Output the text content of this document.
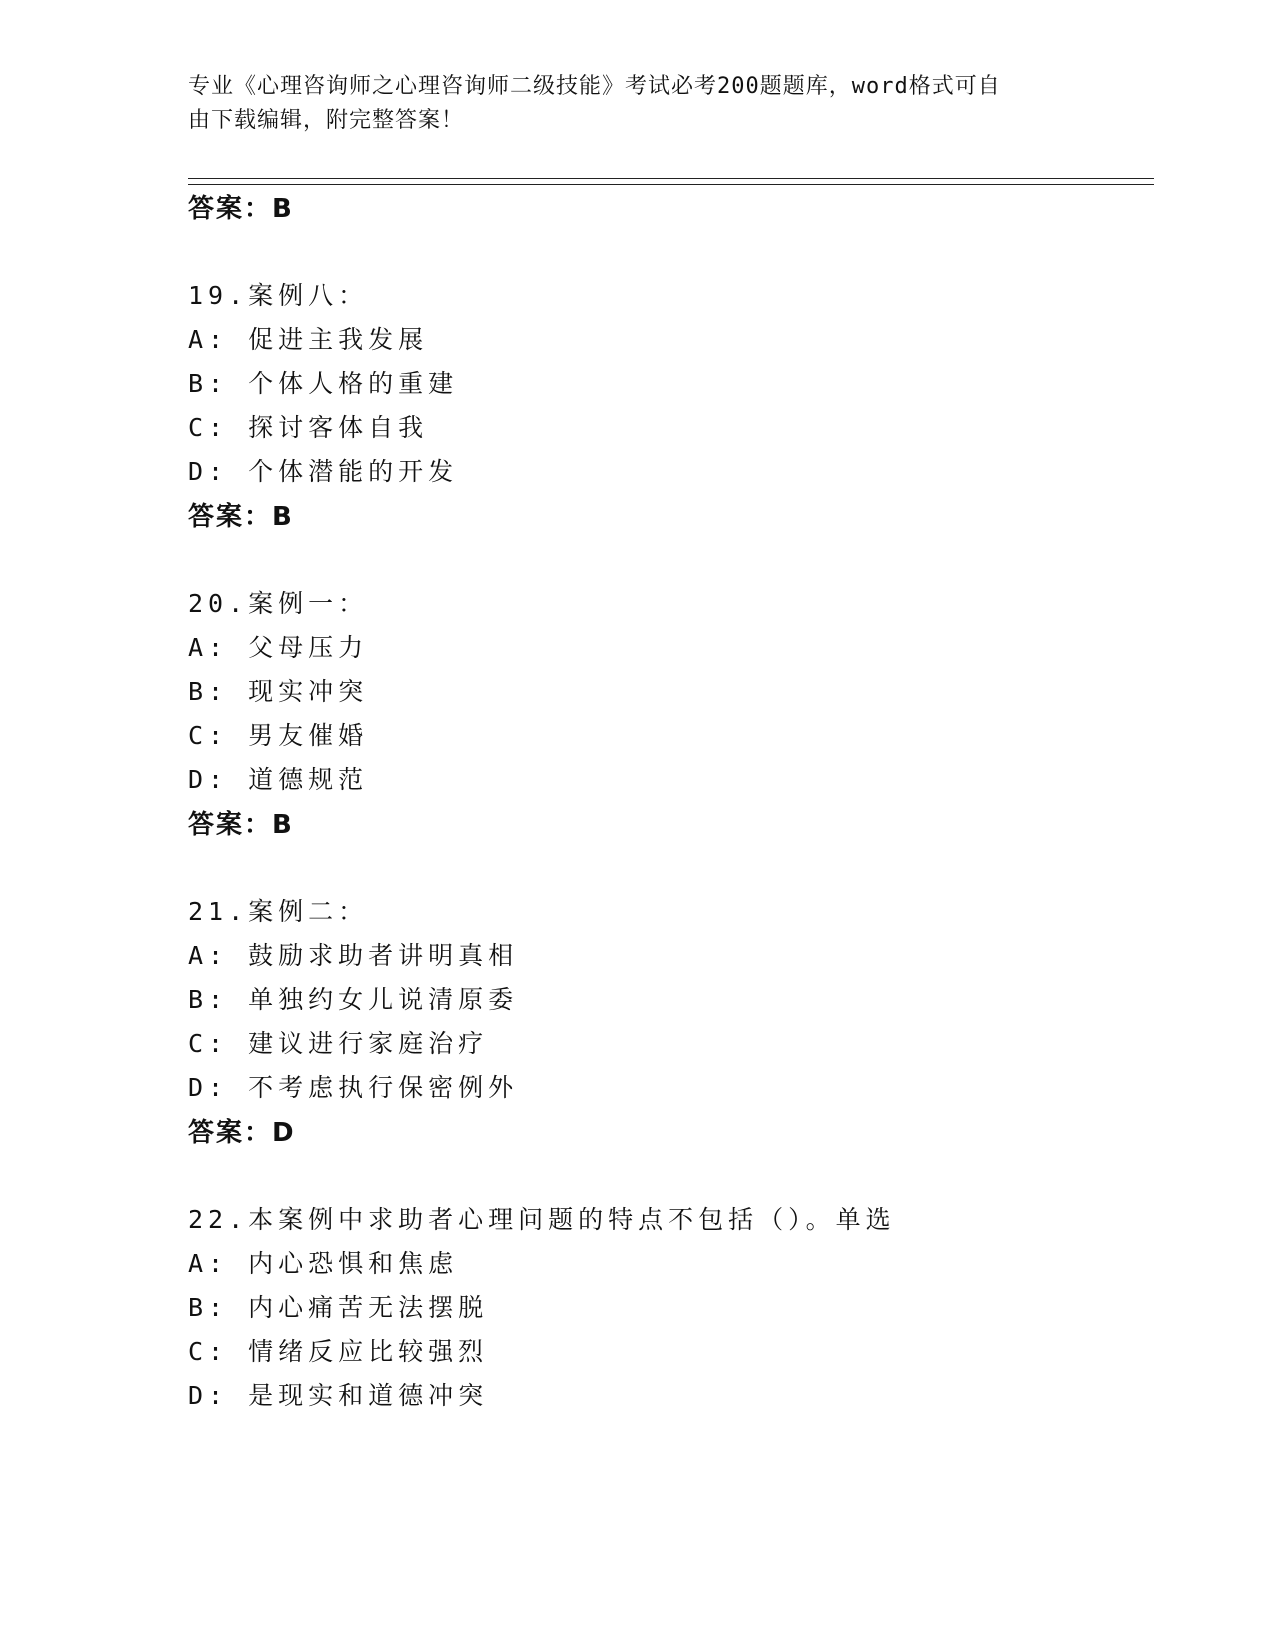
专业《心理咨询师之心理咨询师二级技能》考试必考200题题库，word格式可自
由下载编辑，附完整答案！
答案：B
19.案例八：
A: 促进主我发展
B: 个体人格的重建
C: 探讨客体自我
D: 个体潜能的开发
答案：B
20.案例一：
A: 父母压力
B: 现实冲突
C: 男友催婚
D: 道德规范
答案：B
21.案例二：
A: 鼓励求助者讲明真相
B: 单独约女儿说清原委
C: 建议进行家庭治疗
D: 不考虑执行保密例外
答案：D
22.本案例中求助者心理问题的特点不包括（）。单选
A: 内心恐惧和焦虑
B: 内心痛苦无法摆脱
C: 情绪反应比较强烈
D: 是现实和道德冲突
